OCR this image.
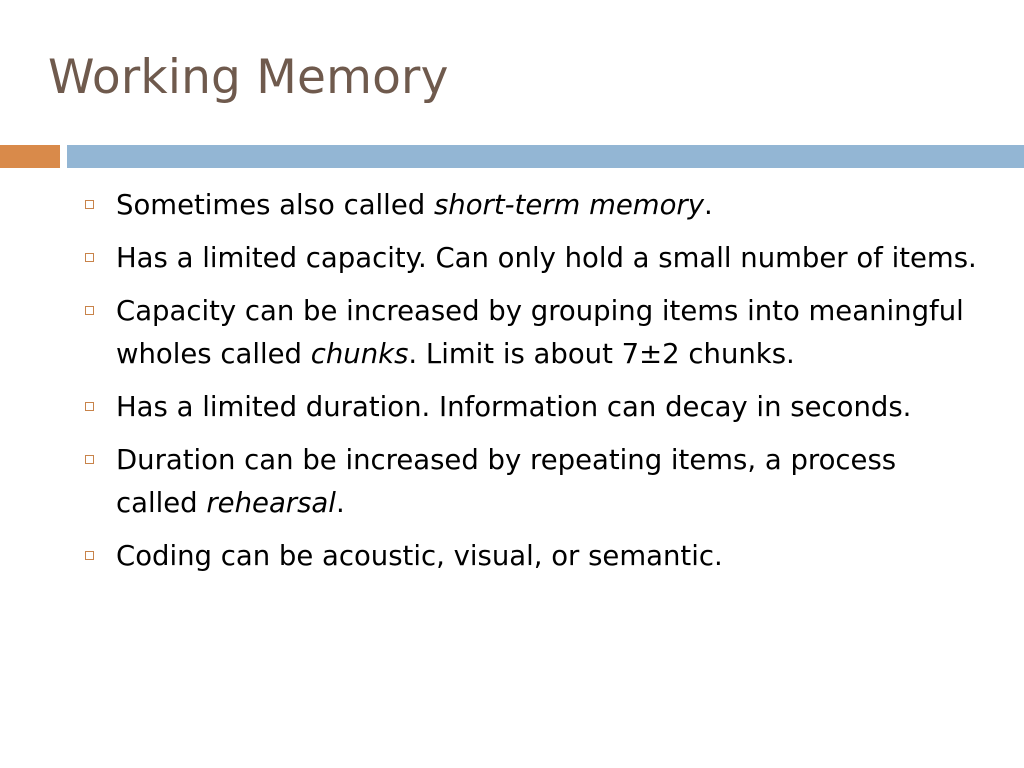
Working Memory
Sometimes also called short-term memory.
Has a limited capacity. Can only hold a small number of items.
Capacity can be increased by grouping items into meaningful wholes called chunks. Limit is about 7±2 chunks.
Has a limited duration. Information can decay in seconds.
Duration can be increased by repeating items, a process called rehearsal.
Coding can be acoustic, visual, or semantic.
